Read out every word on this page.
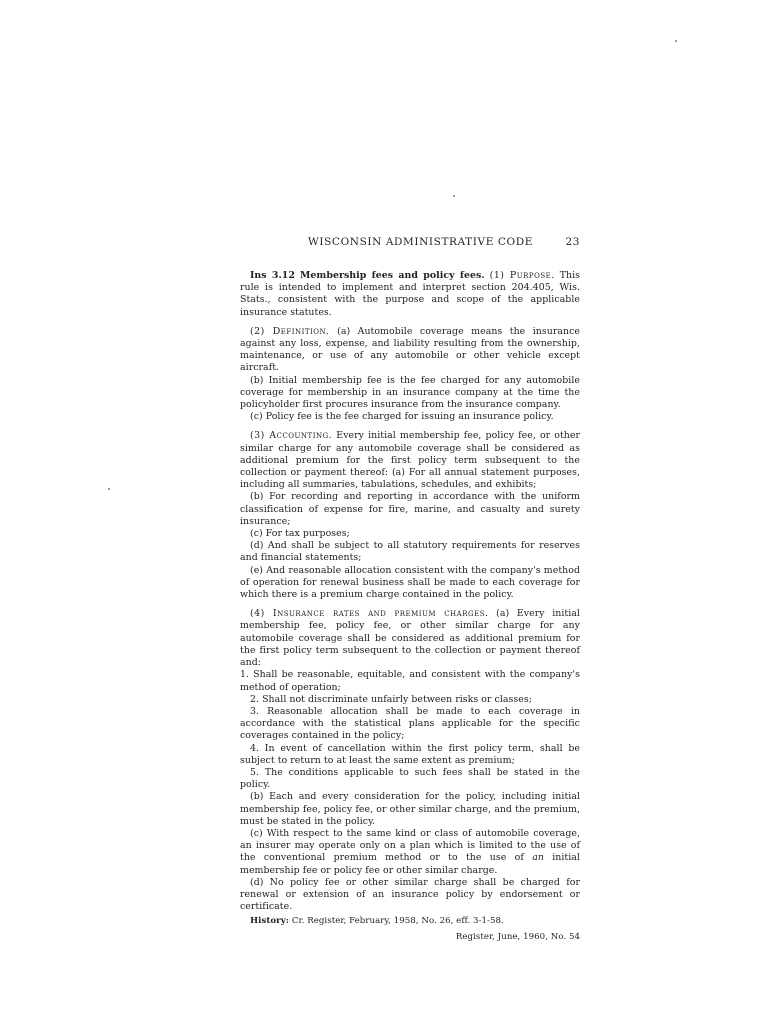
WISCONSIN ADMINISTRATIVE CODE	23

Ins 3.12 Membership fees and policy fees. (1) Purpose. This rule is intended to implement and interpret section 204.405, Wis. Stats., consistent with the purpose and scope of the applicable insurance statutes.

(2) Definition. (a) Automobile coverage means the insurance against any loss, expense, and liability resulting from the ownership, maintenance, or use of any automobile or other vehicle except aircraft.

(b) Initial membership fee is the fee charged for any automobile coverage for membership in an insurance company at the time the policyholder first procures insurance from the insurance company.

(c) Policy fee is the fee charged for issuing an insurance policy.

(3) Accounting. Every initial membership fee, policy fee, or other similar charge for any automobile coverage shall be considered as additional premium for the first policy term subsequent to the collection or payment thereof: (a) For all annual statement purposes, including all summaries, tabulations, schedules, and exhibits;

(b) For recording and reporting in accordance with the uniform classification of expense for fire, marine, and casualty and surety insurance;

(c) For tax purposes;

(d) And shall be subject to all statutory requirements for reserves and financial statements;

(e) And reasonable allocation consistent with the company's method of operation for renewal business shall be made to each coverage for which there is a premium charge contained in the policy.

(4) Insurance rates and premium charges. (a) Every initial membership fee, policy fee, or other similar charge for any automobile coverage shall be considered as additional premium for the first policy term subsequent to the collection or payment thereof and:

1. Shall be reasonable, equitable, and consistent with the company's method of operation;

2. Shall not discriminate unfairly between risks or classes;

3. Reasonable allocation shall be made to each coverage in accordance with the statistical plans applicable for the specific coverages contained in the policy;

4. In event of cancellation within the first policy term, shall be subject to return to at least the same extent as premium;

5. The conditions applicable to such fees shall be stated in the policy.

(b) Each and every consideration for the policy, including initial membership fee, policy fee, or other similar charge, and the premium, must be stated in the policy.

(c) With respect to the same kind or class of automobile coverage, an insurer may operate only on a plan which is limited to the use of the conventional premium method or to the use of an initial membership fee or policy fee or other similar charge.

(d) No policy fee or other similar charge shall be charged for renewal or extension of an insurance policy by endorsement or certificate.

History: Cr. Register, February, 1958, No. 26, eff. 3-1-58.

Register, June, 1960, No. 54
